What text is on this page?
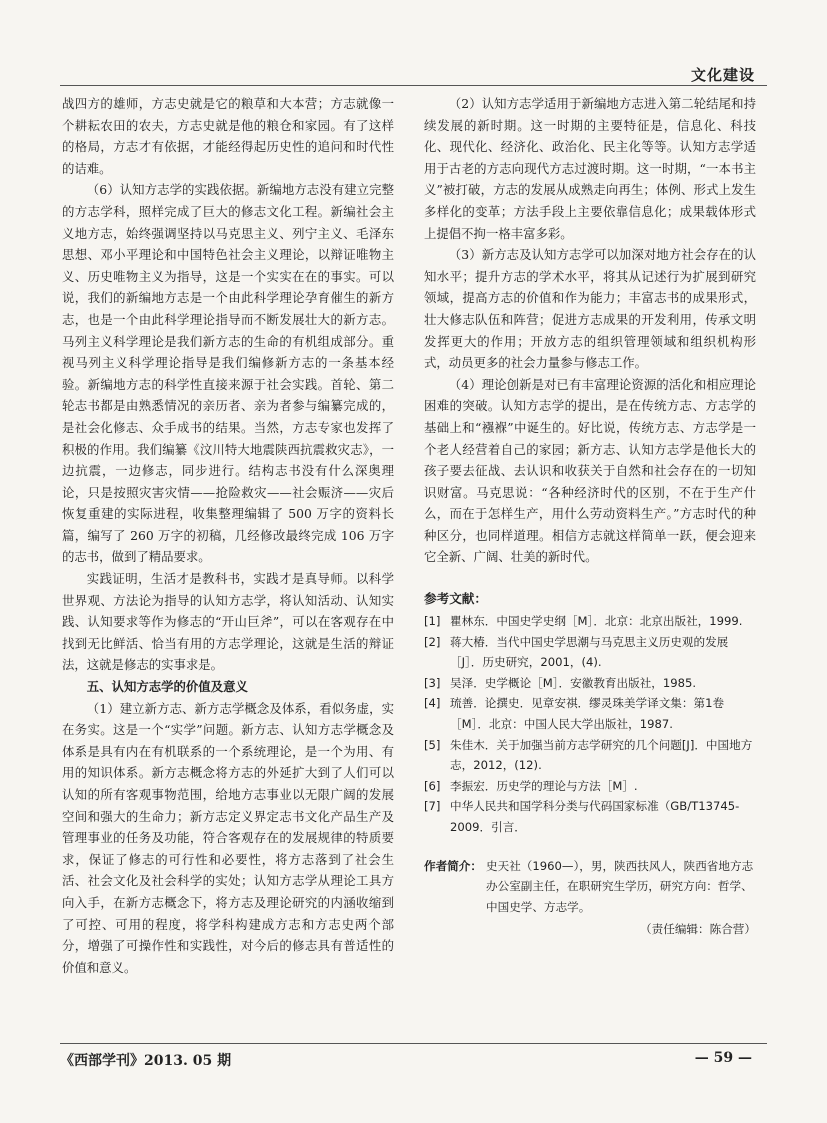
文化建设

战四方的雄师，方志史就是它的粮草和大本营；方志就像一个耕耘农田的农夫，方志史就是他的粮仓和家园。有了这样的格局，方志才有依据，才能经得起历史性的追问和时代性的诘难。

（6）认知方志学的实践依据。新编地方志没有建立完整的方志学科，照样完成了巨大的修志文化工程。新编社会主义地方志，始终强调坚持以马克思主义、列宁主义、毛泽东思想、邓小平理论和中国特色社会主义理论，以辩证唯物主义、历史唯物主义为指导，这是一个实实在在的事实。可以说，我们的新编地方志是一个由此科学理论孕育催生的新方志，也是一个由此科学理论指导而不断发展壮大的新方志。马列主义科学理论是我们新方志的生命的有机组成部分。重视马列主义科学理论指导是我们编修新方志的一条基本经验。新编地方志的科学性直接来源于社会实践。首轮、第二轮志书都是由熟悉情况的亲历者、亲为者参与编纂完成的，是社会化修志、众手成书的结果。当然，方志专家也发挥了积极的作用。我们编纂《汶川特大地震陕西抗震救灾志》，一边抗震，一边修志，同步进行。结构志书没有什么深奥理论，只是按照灾害灾情——抢险救灾——社会赈济——灾后恢复重建的实际进程，收集整理编辑了 500 万字的资料长篇，编写了 260 万字的初稿，几经修改最终完成 106 万字的志书，做到了精品要求。

实践证明，生活才是教科书，实践才是真导师。以科学世界观、方法论为指导的认知方志学，将认知活动、认知实践、认知要求等作为修志的“开山巨斧”，可以在客观存在中找到无比鲜活、恰当有用的方志学理论，这就是生活的辩证法，这就是修志的实事求是。

五、认知方志学的价值及意义

（1）建立新方志、新方志学概念及体系，看似务虚，实在务实。这是一个“实学”问题。新方志、认知方志学概念及体系是具有内在有机联系的一个系统理论，是一个为用、有用的知识体系。新方志概念将方志的外延扩大到了人们可以认知的所有客观事物范围，给地方志事业以无限广阔的发展空间和强大的生命力；新方志定义界定志书文化产品生产及管理事业的任务及功能，符合客观存在的发展规律的特质要求，保证了修志的可行性和必要性，将方志落到了社会生活、社会文化及社会科学的实处；认知方志学从理论工具方向入手，在新方志概念下，将方志及理论研究的内涵收缩到了可控、可用的程度，将学科构建成方志和方志史两个部分，增强了可操作性和实践性，对今后的修志具有普适性的价值和意义。

（2）认知方志学适用于新编地方志进入第二轮结尾和持续发展的新时期。这一时期的主要特征是，信息化、科技化、现代化、经济化、政治化、民主化等等。认知方志学适用于古老的方志向现代方志过渡时期。这一时期，“一本书主义”被打破，方志的发展从成熟走向再生；体例、形式上发生多样化的变革；方法手段上主要依靠信息化；成果载体形式上提倡不拘一格丰富多彩。

（3）新方志及认知方志学可以加深对地方社会存在的认知水平；提升方志的学术水平，将其从记述行为扩展到研究领域，提高方志的价值和作为能力；丰富志书的成果形式，壮大修志队伍和阵营；促进方志成果的开发利用，传承文明发挥更大的作用；开放方志的组织管理领域和组织机构形式，动员更多的社会力量参与修志工作。

（4）理论创新是对已有丰富理论资源的活化和相应理论困难的突破。认知方志学的提出，是在传统方志、方志学的基础上和“襁褓”中诞生的。好比说，传统方志、方志学是一个老人经营着自己的家园；新方志、认知方志学是他长大的孩子要去征战、去认识和收获关于自然和社会存在的一切知识财富。马克思说：“各种经济时代的区别，不在于生产什么，而在于怎样生产，用什么劳动资料生产。”方志时代的种种区分，也同样道理。相信方志就这样简单一跃，便会迎来它全新、广阔、壮美的新时代。

参考文献：
[1] 瞿林东．中国史学史纲［M］．北京：北京出版社，1999.
[2] 蒋大椿．当代中国史学思潮与马克思主义历史观的发展［J］．历史研究，2001，(4).
[3] 吴泽．史学概论［M］．安徽教育出版社，1985.
[4] 琉善．论撰史．见章安祺．缪灵珠美学译文集：第1卷［M］．北京：中国人民大学出版社，1987.
[5] 朱佳木．关于加强当前方志学研究的几个问题[J]．中国地方志，2012，(12).
[6] 李振宏．历史学的理论与方法［M］.
[7] 中华人民共和国学科分类与代码国家标准（GB/T13745-2009．引言．
作者简介： 史天社（1960—），男，陕西扶风人，陕西省地方志办公室副主任，在职研究生学历，研究方向：哲学、中国史学、方志学。
（责任编辑：陈合营）
《西部学刊》2013. 05 期	— 59 —
